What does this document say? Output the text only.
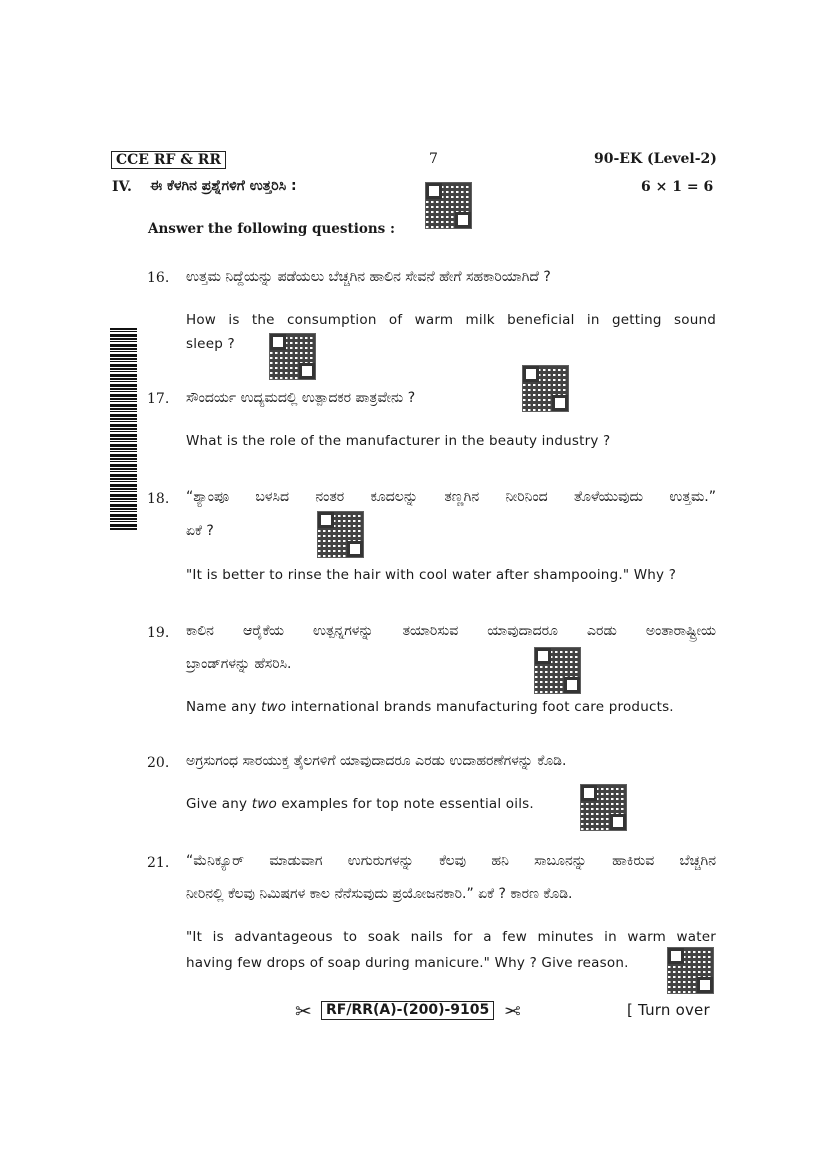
CCE RF & RR	7	90-EK (Level-2)
IV. ಈ ಕೆಳಗಿನ ಪ್ರಶ್ನೆಗಳಿಗೆ ಉತ್ತರಿಸಿ :	6 × 1 = 6
Answer the following questions :
16. ಉತ್ತಮ ನಿದ್ದೆಯನ್ನು ಪಡೆಯಲು ಬೆಚ್ಚಗಿನ ಹಾಲಿನ ಸೇವನೆ ಹೇಗೆ ಸಹಕಾರಿಯಾಗಿದೆ ?
How is the consumption of warm milk beneficial in getting sound
sleep ?
17. ಸೌಂದರ್ಯ ಉದ್ಯಮದಲ್ಲಿ ಉತ್ಪಾದಕರ ಪಾತ್ರವೇನು ?
What is the role of the manufacturer in the beauty industry ?
18. “ಶ್ಯಾಂಪೂ ಬಳಸಿದ ನಂತರ ಕೂದಲನ್ನು ತಣ್ಣಗಿನ ನೀರಿನಿಂದ ತೊಳೆಯುವುದು ಉತ್ತಮ.”
ಏಕೆ ?
"It is better to rinse the hair with cool water after shampooing." Why ?
19. ಕಾಲಿನ ಆರೈಕೆಯ ಉತ್ಪನ್ನಗಳನ್ನು ತಯಾರಿಸುವ ಯಾವುದಾದರೂ ಎರಡು ಅಂತಾರಾಷ್ಟ್ರೀಯ
ಬ್ರಾಂಡ್‌ಗಳನ್ನು ಹೆಸರಿಸಿ.
Name any two international brands manufacturing foot care products.
20. ಅಗ್ರಸುಗಂಧ ಸಾರಯುಕ್ತ ತೈಲಗಳಿಗೆ ಯಾವುದಾದರೂ ಎರಡು ಉದಾಹರಣೆಗಳನ್ನು ಕೊಡಿ.
Give any two examples for top note essential oils.
21. “ಮೆನಿಕ್ಯೂರ್ ಮಾಡುವಾಗ ಉಗುರುಗಳನ್ನು ಕೆಲವು ಹನಿ ಸಾಬೂನನ್ನು ಹಾಕಿರುವ ಬೆಚ್ಚಗಿನ
ನೀರಿನಲ್ಲಿ ಕೆಲವು ನಿಮಿಷಗಳ ಕಾಲ ನೆನೆಸುವುದು ಪ್ರಯೋಜನಕಾರಿ.” ಏಕೆ ? ಕಾರಣ ಕೊಡಿ.
"It is advantageous to soak nails for a few minutes in warm water
having few drops of soap during manicure." Why ? Give reason.
✂	RF/RR(A)-(200)-9105 ✂	[ Turn over
